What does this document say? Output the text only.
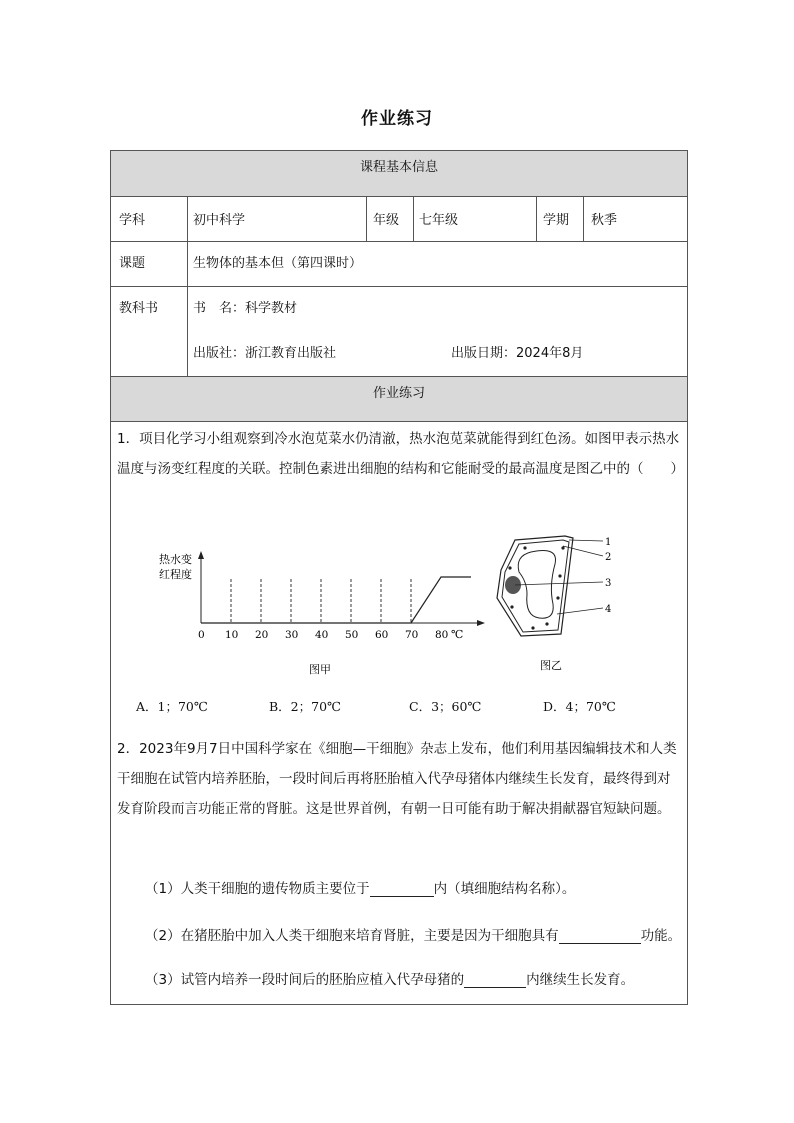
作业练习
课程基本信息
学科	初中科学	年级 七年级	学期 秋季
课题	生物体的基本但（第四课时）
教科书	书　名：科学教材
出版社：浙江教育出版社	出版日期：2024年8月
作业练习
1．项目化学习小组观察到冷水泡苋菜水仍清澈，热水泡苋菜就能得到红色汤。如图甲表示热水温度与汤变红程度的关联。控制色素进出细胞的结构和它能耐受的最高温度是图乙中的（　　）
热水变
红程度
0 10 20 30 40 50 60 70 80 ℃
图甲
1
2
3
4
图乙
A．1；70℃	B．2；70℃	C．3；60℃	D．4；70℃
2．2023年9月7日中国科学家在《细胞—干细胞》杂志上发布，他们利用基因编辑技术和人类干细胞在试管内培养胚胎，一段时间后再将胚胎植入代孕母猪体内继续生长发育，最终得到对发育阶段而言功能正常的肾脏。这是世界首例，有朝一日可能有助于解决捐献器官短缺问题。
（1）人类干细胞的遗传物质主要位于	内（填细胞结构名称）。
（2）在猪胚胎中加入人类干细胞来培育肾脏，主要是因为干细胞具有	功能。
（3）试管内培养一段时间后的胚胎应植入代孕母猪的	内继续生长发育。
